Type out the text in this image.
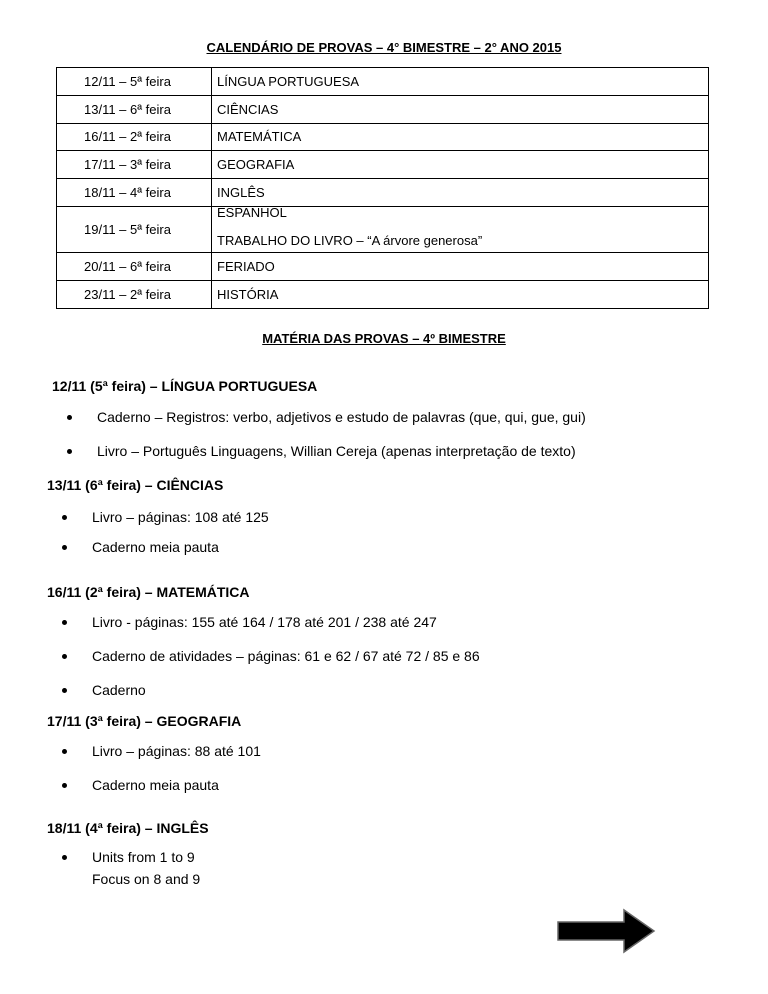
CALENDÁRIO DE PROVAS – 4° BIMESTRE – 2° ANO 2015
12/11 – 5ª feira	LÍNGUA PORTUGUESA

13/11 – 6ª feira	CIÊNCIAS

16/11 – 2ª feira	MATEMÁTICA

17/11 – 3ª feira	GEOGRAFIA

18/11 – 4ª feira	INGLÊS

19/11 – 5ª feira	ESPANHOL
TRABALHO DO LIVRO – “A árvore generosa”

20/11 – 6ª feira	FERIADO

23/11 – 2ª feira	HISTÓRIA
MATÉRIA DAS PROVAS – 4º BIMESTRE
12/11 (5ª feira) – LÍNGUA PORTUGUESA
Caderno – Registros: verbo, adjetivos e estudo de palavras (que, qui, gue, gui)
Livro – Português Linguagens, Willian Cereja (apenas interpretação de texto)
13/11 (6ª feira) – CIÊNCIAS
Livro – páginas: 108 até 125
Caderno meia pauta
16/11 (2ª feira) – MATEMÁTICA
Livro - páginas: 155 até 164 / 178 até 201 / 238 até 247
Caderno de atividades – páginas: 61 e 62 / 67 até 72 / 85 e 86
Caderno
17/11 (3ª feira) – GEOGRAFIA
Livro – páginas: 88 até 101
Caderno meia pauta
18/11 (4ª feira) – INGLÊS
Units from 1 to 9
Focus on 8 and 9
